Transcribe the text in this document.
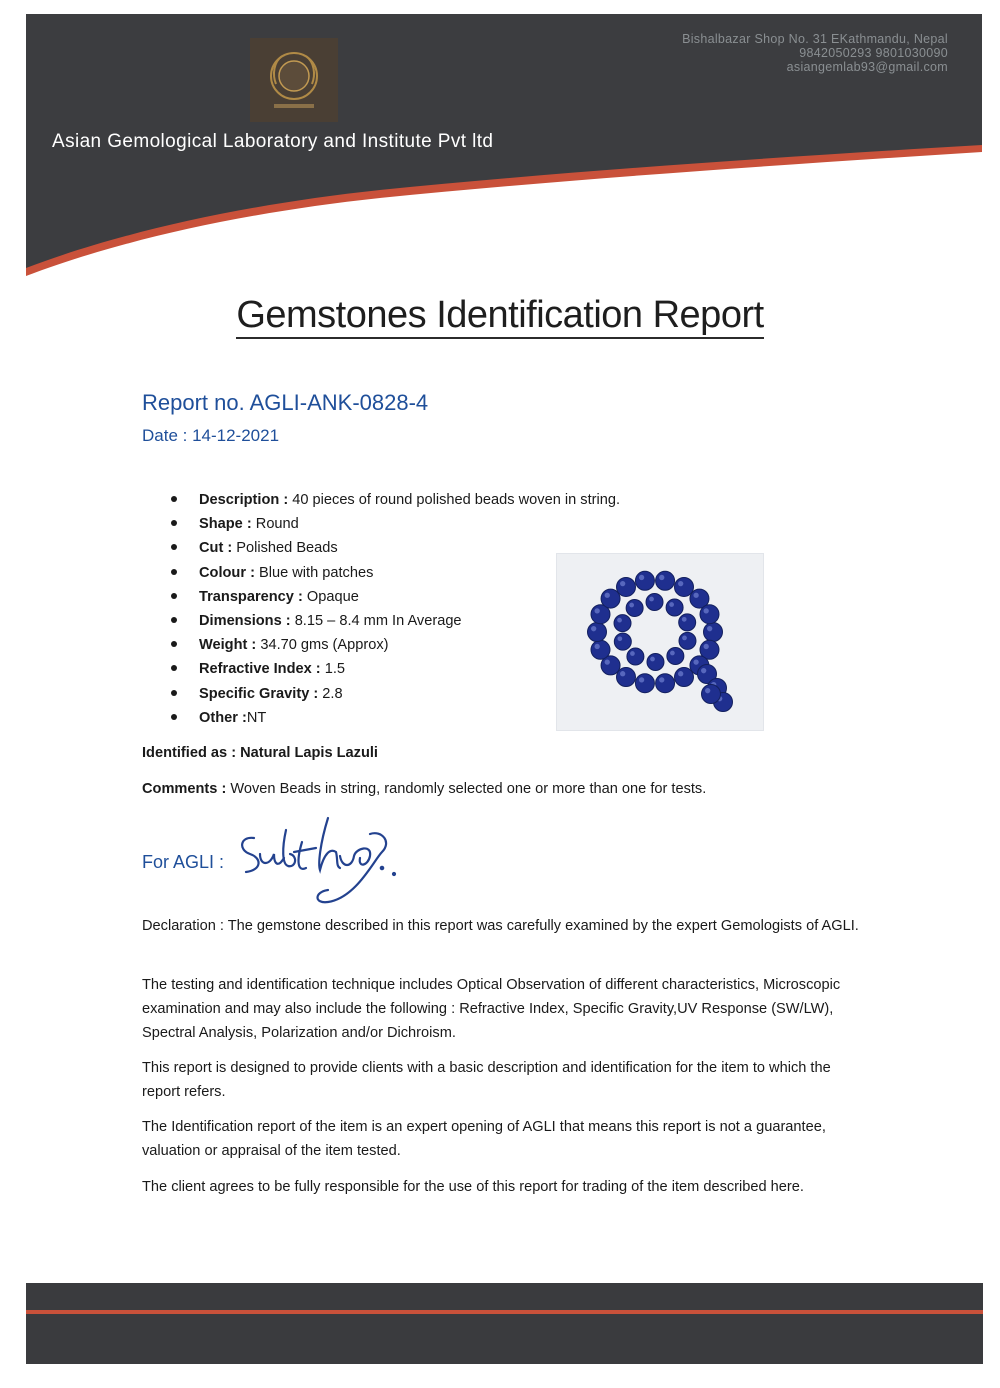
Bishalbazar Shop No. 31 EKathmandu, Nepal
9842050293 9801030090
asiangemlab93@gmail.com
Asian Gemological Laboratory and Institute Pvt ltd
Gemstones Identification Report
Report no. AGLI-ANK-0828-4
Date : 14-12-2021
Description : 40 pieces of round polished beads woven in string.
Shape : Round
Cut : Polished Beads
Colour : Blue with patches
Transparency : Opaque
Dimensions : 8.15 – 8.4 mm In Average
Weight : 34.70 gms (Approx)
Refractive Index : 1.5
Specific Gravity : 2.8
Other :NT
Identified as : Natural Lapis Lazuli
Comments : Woven Beads in string, randomly selected one or more than one for tests.
For AGLI :
Declaration : The gemstone described in this report was carefully examined by the expert Gemologists of AGLI.
The testing and identification technique includes Optical Observation of different characteristics, Microscopic examination and may also include the following : Refractive Index, Specific Gravity,UV Response (SW/LW), Spectral Analysis, Polarization and/or Dichroism.
This report is designed to provide clients with a basic description and identification for the item to which the report refers.
The Identification report of the item is an expert opening of AGLI that means this report is not a guarantee, valuation or appraisal of the item tested.
The client agrees to be fully responsible for the use of this report for trading of the item described here.
